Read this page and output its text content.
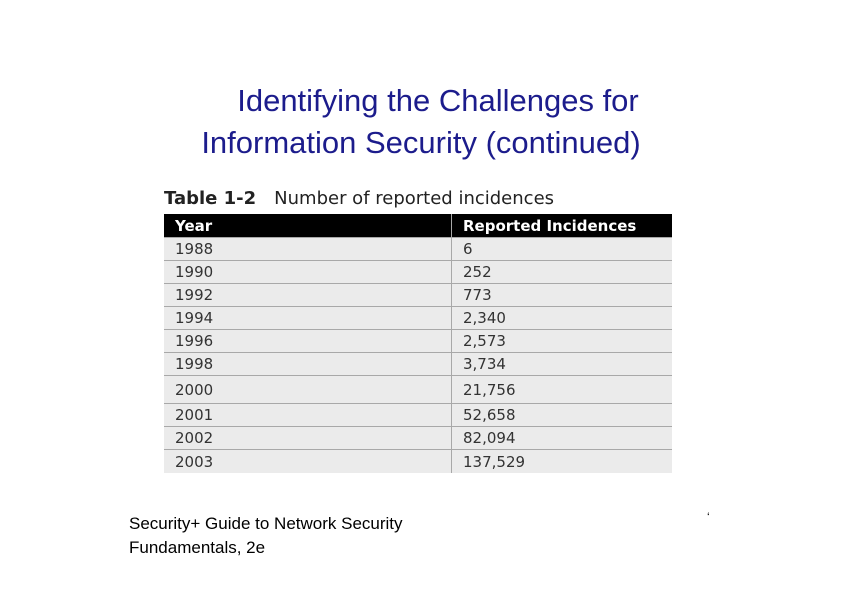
Identifying the Challenges for
Information Security (continued)
Table 1-2 Number of reported incidences
Year	Reported Incidences
1988	6
1990	252
1992	773
1994	2,340
1996	2,573
1998	3,734
2000	21,756
2001	52,658
2002	82,094
2003	137,529
Security+ Guide to Network Security
Fundamentals, 2e
‘
